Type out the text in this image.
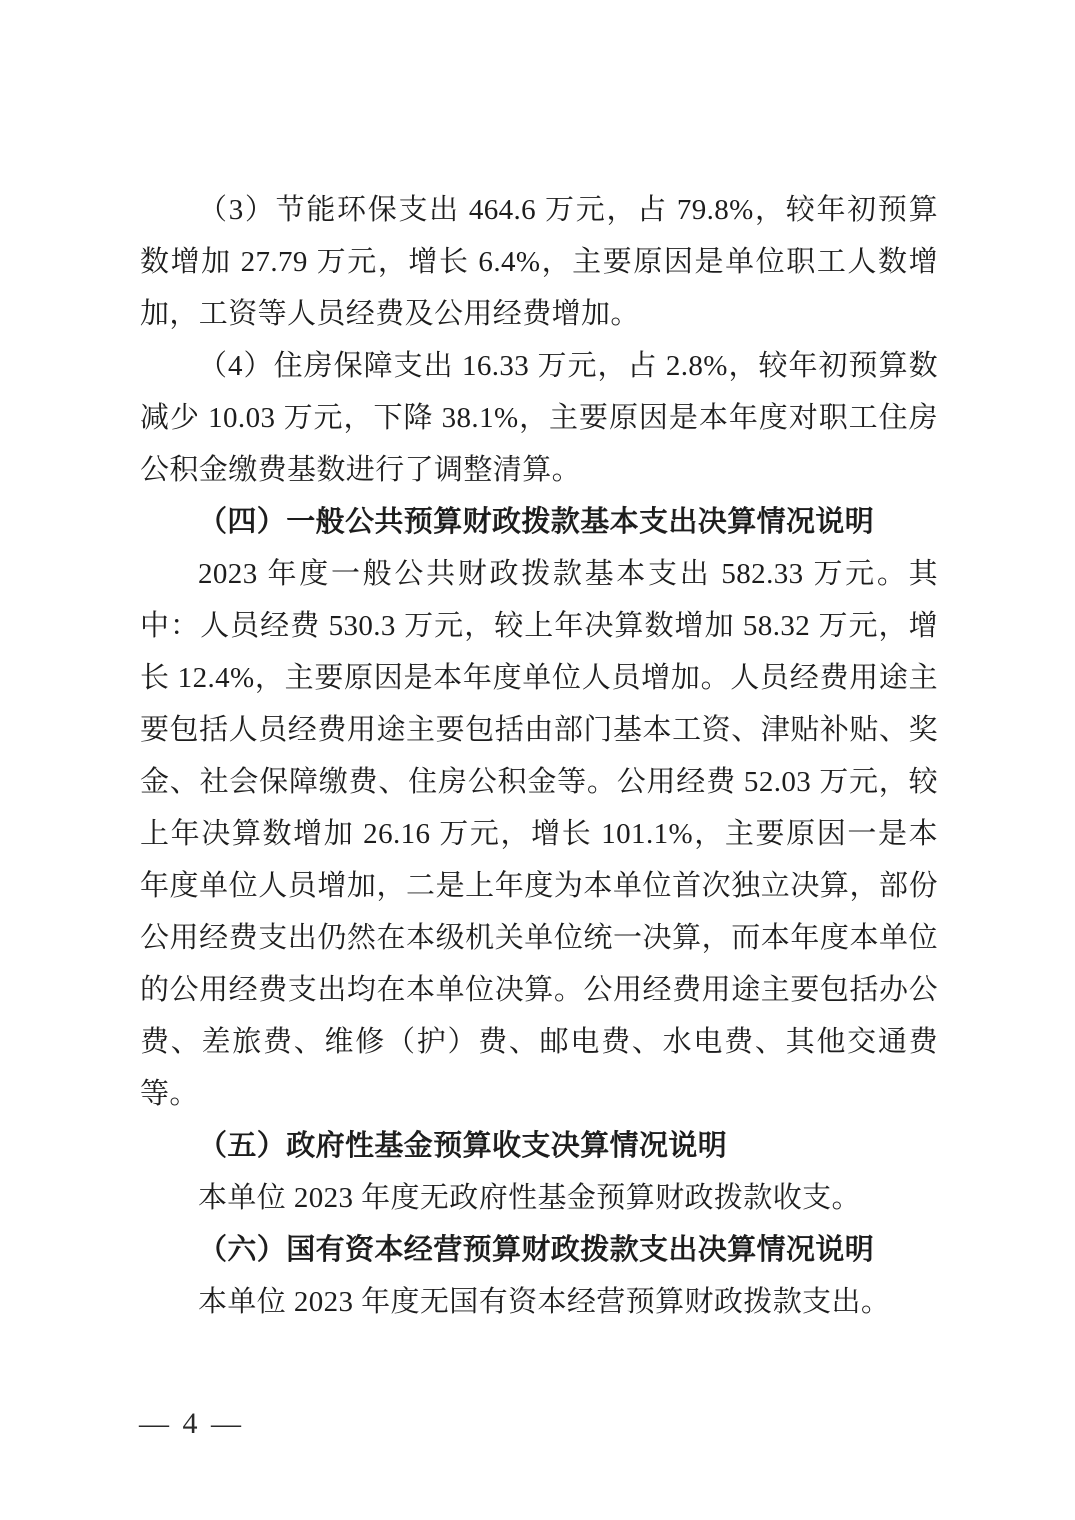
（3）节能环保支出 464.6 万元，占 79.8%，较年初预算数增加 27.79 万元，增长 6.4%，主要原因是单位职工人数增加，工资等人员经费及公用经费增加。

（4）住房保障支出 16.33 万元，占 2.8%，较年初预算数减少 10.03 万元，下降 38.1%，主要原因是本年度对职工住房公积金缴费基数进行了调整清算。

（四）一般公共预算财政拨款基本支出决算情况说明

2023 年度一般公共财政拨款基本支出 582.33 万元。其中：人员经费 530.3 万元，较上年决算数增加 58.32 万元，增长 12.4%，主要原因是本年度单位人员增加。人员经费用途主要包括人员经费用途主要包括由部门基本工资、津贴补贴、奖金、社会保障缴费、住房公积金等。公用经费 52.03 万元，较上年决算数增加 26.16 万元，增长 101.1%，主要原因一是本年度单位人员增加，二是上年度为本单位首次独立决算，部份公用经费支出仍然在本级机关单位统一决算，而本年度本单位的公用经费支出均在本单位决算。公用经费用途主要包括办公费、差旅费、维修（护）费、邮电费、水电费、其他交通费等。

（五）政府性基金预算收支决算情况说明

本单位 2023 年度无政府性基金预算财政拨款收支。

（六）国有资本经营预算财政拨款支出决算情况说明

本单位 2023 年度无国有资本经营预算财政拨款支出。

— 4 —
